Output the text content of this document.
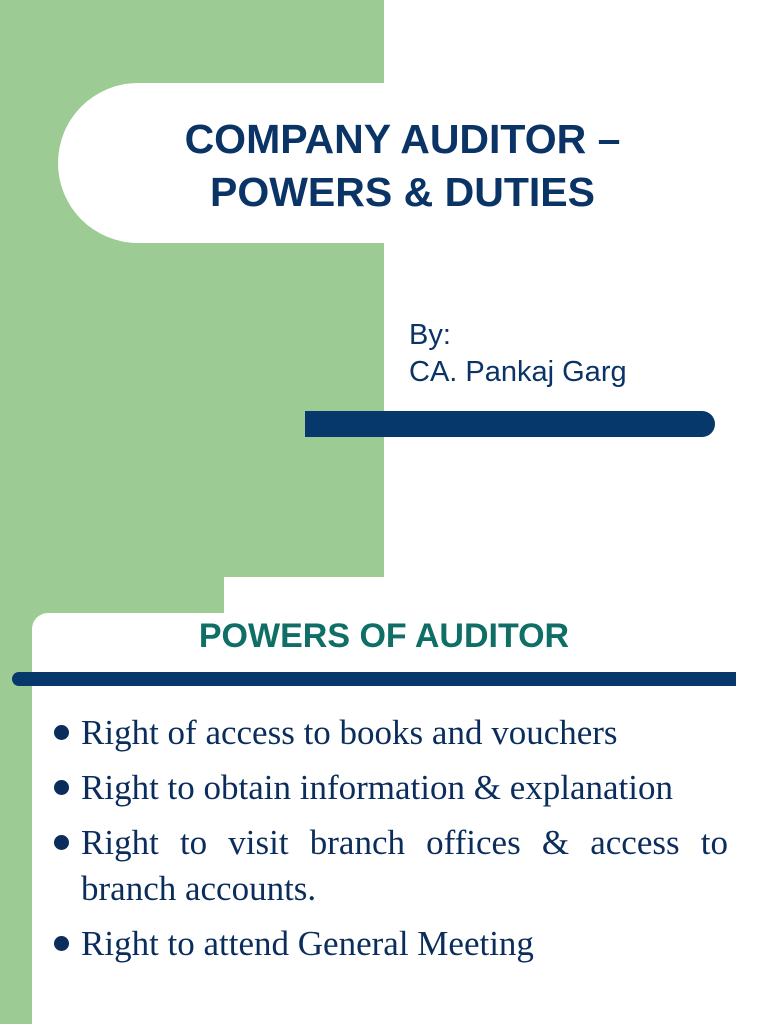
COMPANY AUDITOR –
POWERS & DUTIES
By:
CA. Pankaj Garg
POWERS OF AUDITOR
Right of access to books and vouchers
Right to obtain information & explanation
Right to visit branch offices & access to branch accounts.
Right to attend General Meeting
